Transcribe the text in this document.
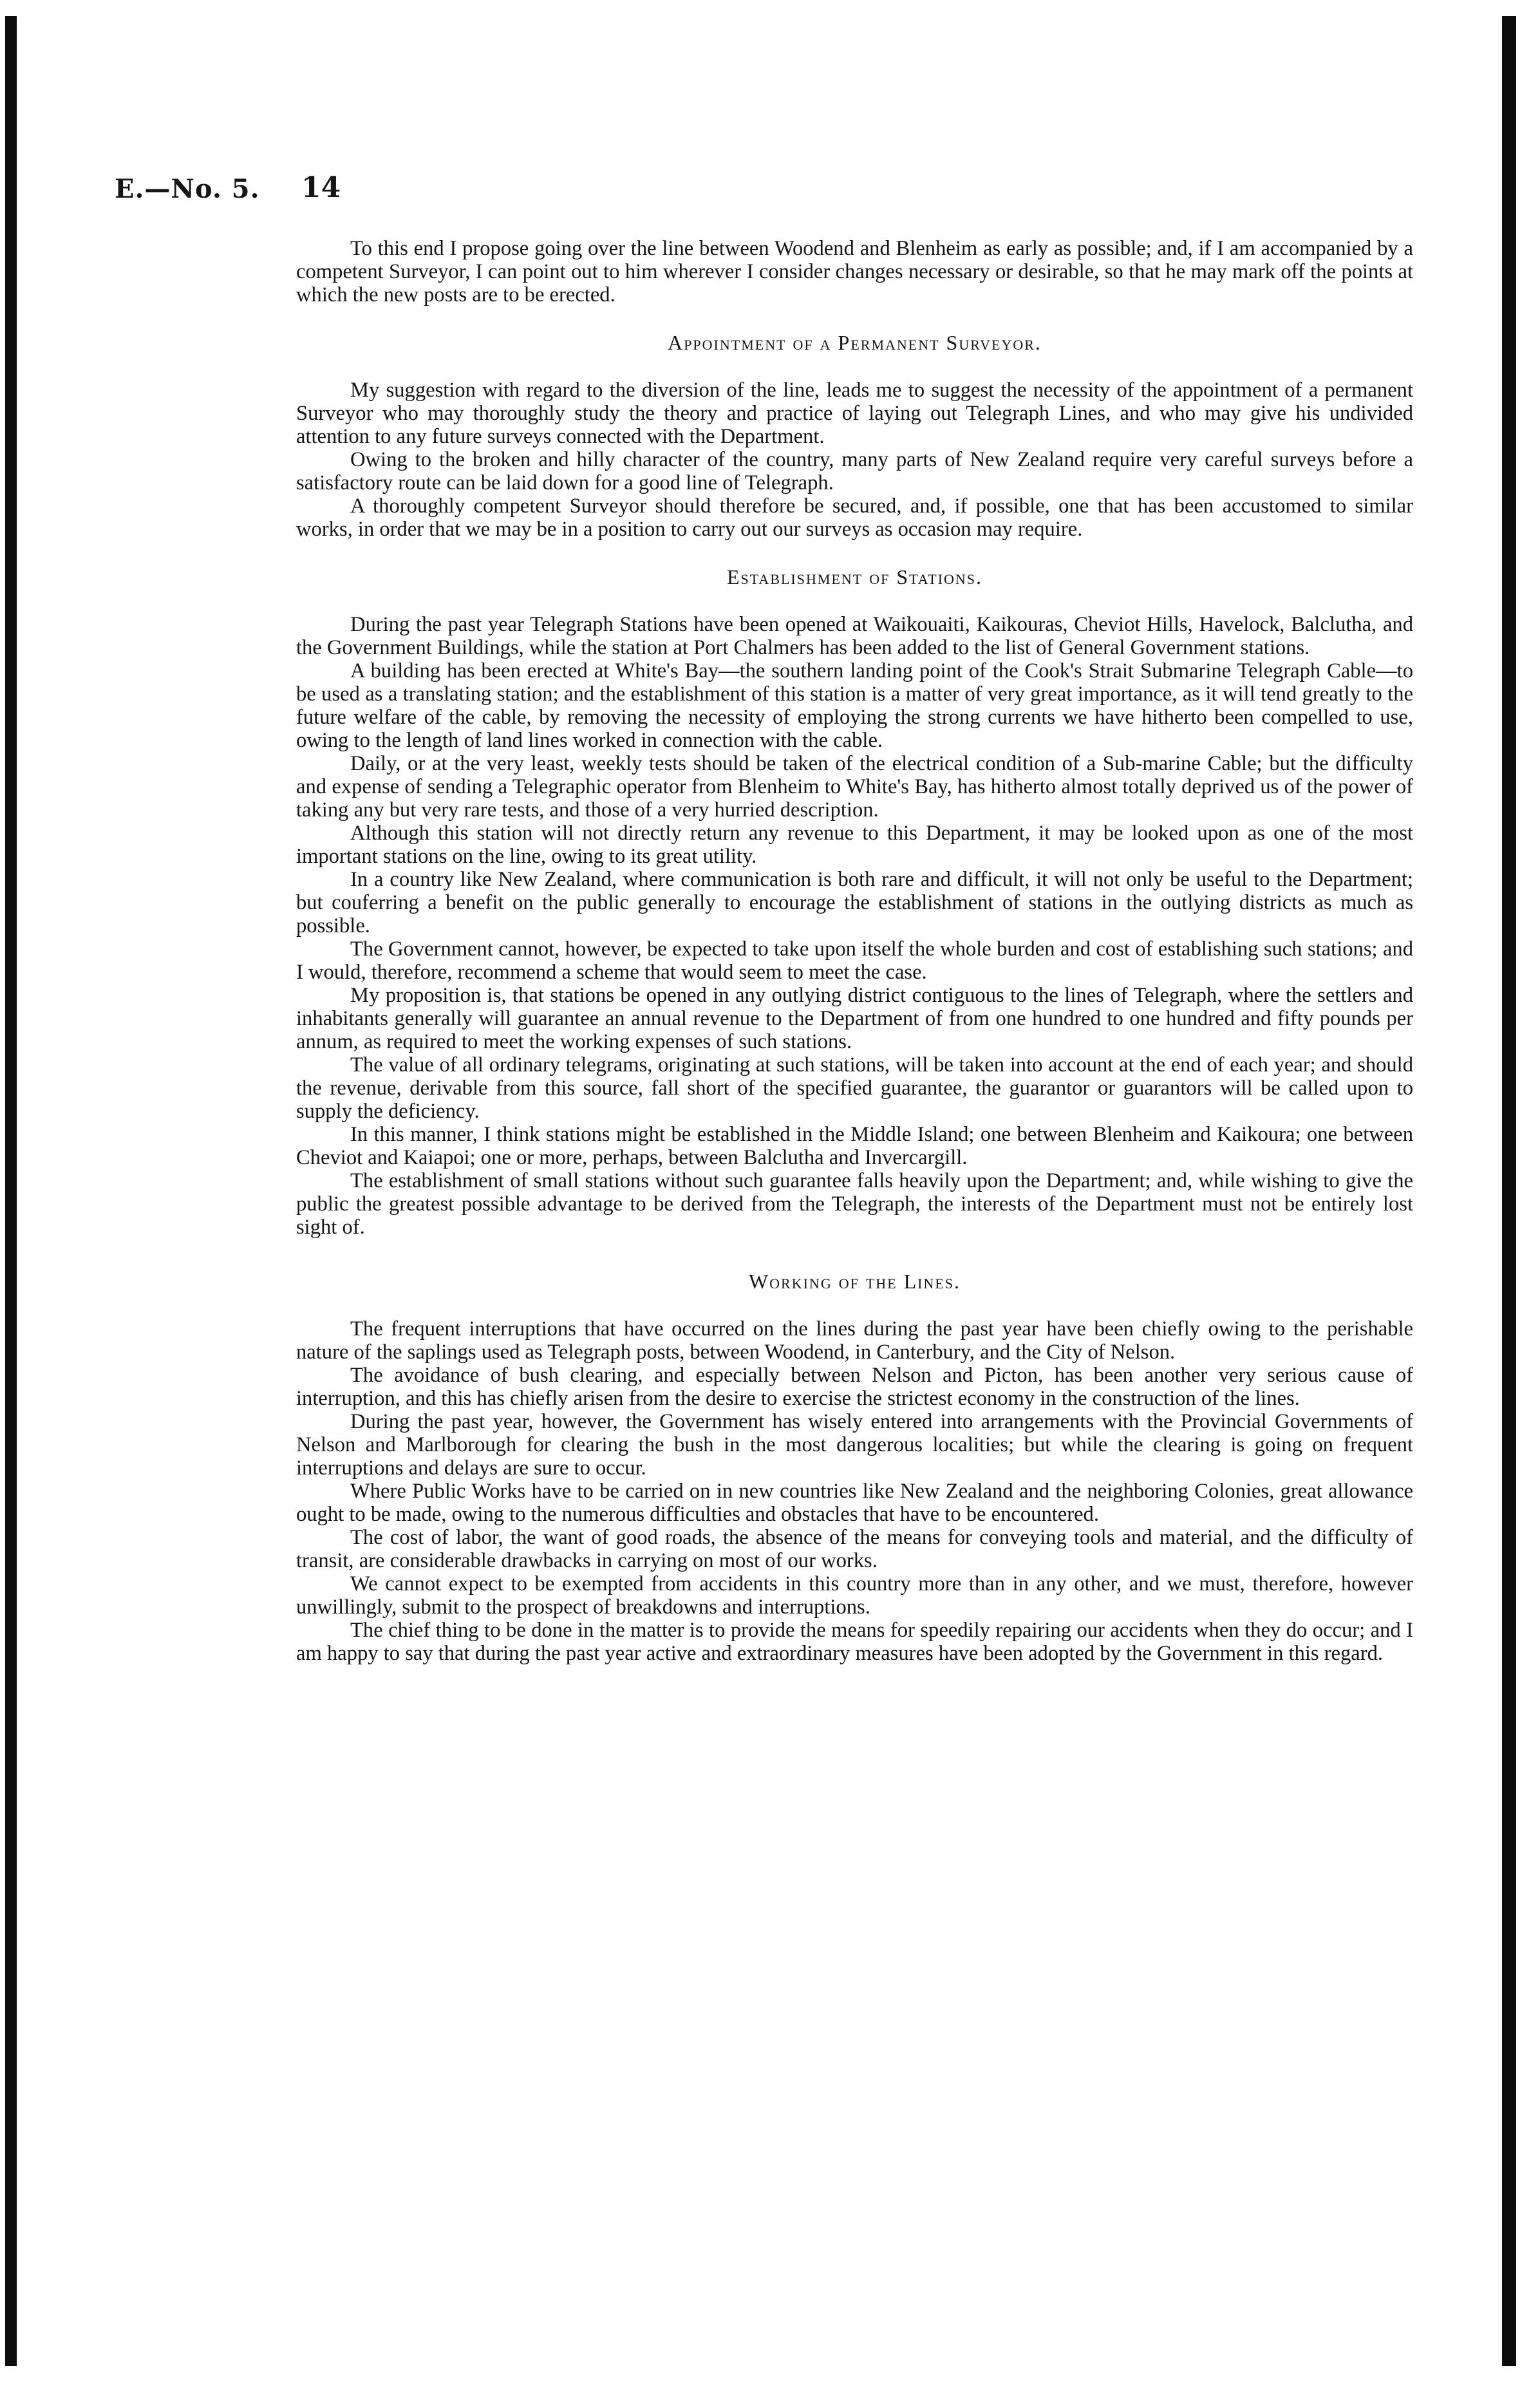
E.—No. 5. 14

To this end I propose going over the line between Woodend and Blenheim as early as possible; and, if I am accompanied by a competent Surveyor, I can point out to him wherever I consider changes necessary or desirable, so that he may mark off the points at which the new posts are to be erected.

Appointment of a Permanent Surveyor.

My suggestion with regard to the diversion of the line, leads me to suggest the necessity of the appointment of a permanent Surveyor who may thoroughly study the theory and practice of laying out Telegraph Lines, and who may give his undivided attention to any future surveys connected with the Department.

Owing to the broken and hilly character of the country, many parts of New Zealand require very careful surveys before a satisfactory route can be laid down for a good line of Telegraph.

A thoroughly competent Surveyor should therefore be secured, and, if possible, one that has been accustomed to similar works, in order that we may be in a position to carry out our surveys as occasion may require.

Establishment of Stations.

During the past year Telegraph Stations have been opened at Waikouaiti, Kaikouras, Cheviot Hills, Havelock, Balclutha, and the Government Buildings, while the station at Port Chalmers has been added to the list of General Government stations.

A building has been erected at White's Bay—the southern landing point of the Cook's Strait Submarine Telegraph Cable—to be used as a translating station; and the establishment of this station is a matter of very great importance, as it will tend greatly to the future welfare of the cable, by removing the necessity of employing the strong currents we have hitherto been compelled to use, owing to the length of land lines worked in connection with the cable.

Daily, or at the very least, weekly tests should be taken of the electrical condition of a Sub-marine Cable; but the difficulty and expense of sending a Telegraphic operator from Blenheim to White's Bay, has hitherto almost totally deprived us of the power of taking any but very rare tests, and those of a very hurried description.

Although this station will not directly return any revenue to this Department, it may be looked upon as one of the most important stations on the line, owing to its great utility.

In a country like New Zealand, where communication is both rare and difficult, it will not only be useful to the Department; but couferring a benefit on the public generally to encourage the establishment of stations in the outlying districts as much as possible.

The Government cannot, however, be expected to take upon itself the whole burden and cost of establishing such stations; and I would, therefore, recommend a scheme that would seem to meet the case.

My proposition is, that stations be opened in any outlying district contiguous to the lines of Telegraph, where the settlers and inhabitants generally will guarantee an annual revenue to the Department of from one hundred to one hundred and fifty pounds per annum, as required to meet the working expenses of such stations.

The value of all ordinary telegrams, originating at such stations, will be taken into account at the end of each year; and should the revenue, derivable from this source, fall short of the specified guarantee, the guarantor or guarantors will be called upon to supply the deficiency.

In this manner, I think stations might be established in the Middle Island; one between Blenheim and Kaikoura; one between Cheviot and Kaiapoi; one or more, perhaps, between Balclutha and Invercargill.

The establishment of small stations without such guarantee falls heavily upon the Department; and, while wishing to give the public the greatest possible advantage to be derived from the Telegraph, the interests of the Department must not be entirely lost sight of.

Working of the Lines.

The frequent interruptions that have occurred on the lines during the past year have been chiefly owing to the perishable nature of the saplings used as Telegraph posts, between Woodend, in Canterbury, and the City of Nelson.

The avoidance of bush clearing, and especially between Nelson and Picton, has been another very serious cause of interruption, and this has chiefly arisen from the desire to exercise the strictest economy in the construction of the lines.

During the past year, however, the Government has wisely entered into arrangements with the Provincial Governments of Nelson and Marlborough for clearing the bush in the most dangerous localities; but while the clearing is going on frequent interruptions and delays are sure to occur.

Where Public Works have to be carried on in new countries like New Zealand and the neighboring Colonies, great allowance ought to be made, owing to the numerous difficulties and obstacles that have to be encountered.

The cost of labor, the want of good roads, the absence of the means for conveying tools and material, and the difficulty of transit, are considerable drawbacks in carrying on most of our works.

We cannot expect to be exempted from accidents in this country more than in any other, and we must, therefore, however unwillingly, submit to the prospect of breakdowns and interruptions.

The chief thing to be done in the matter is to provide the means for speedily repairing our accidents when they do occur; and I am happy to say that during the past year active and extraordinary measures have been adopted by the Government in this regard.
